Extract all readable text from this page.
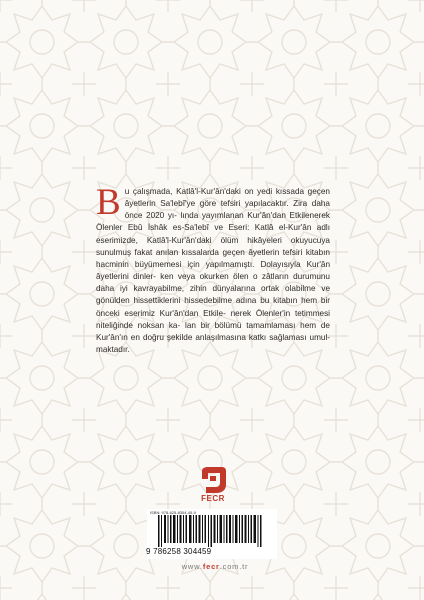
B u çalışmada, Katlâ'l-Kur'ân'daki on yedi kıssada geçen âyetlerin Sa'lebî'ye göre tefsiri yapılacaktır. Zira daha önce 2020 yı- lında yayımlanan Kur'ân'dan Etkilenerek Ölenler Ebû İshâk es-Sa'lebî ve Eseri: Katlâ el-Kur'ân adlı eserimizde, Katlâ'l-Kur'ân'daki ölüm hikâyeleri okuyucuya sunulmuş fakat anılan kıssalarda geçen âyetlerin tefsiri kitabın hacminin büyümemesi için yapılmamıştı. Dolayısıyla Kur'ân âyetlerini dinler- ken veya okurken ölen o zâtların durumunu daha iyi kavrayabilme, zihin dünyalarına ortak olabilme ve gönülden hissettiklerini hissedebilme adına bu kitabın hem bir önceki eserimiz Kur'ân'dan Etkile- nerek Ölenler'in tetimmesi niteliğinde noksan ka- lan bir bölümü tamamlaması hem de Kur'ân'ın en doğru şekilde anlaşılmasına katkı sağlaması umul- maktadır.

FECR
ISBN: 978-625-8304-45-9
9 786258 304459
www.fecr.com.tr
